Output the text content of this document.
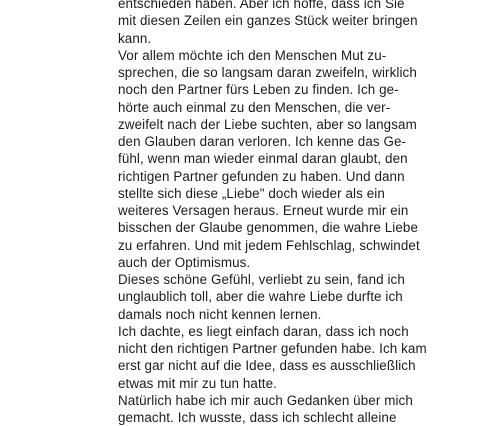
entschieden haben. Aber ich hoffe, dass ich Sie
mit diesen Zeilen ein ganzes Stück weiter bringen
kann.
Vor allem möchte ich den Menschen Mut zu-
sprechen, die so langsam daran zweifeln, wirklich
noch den Partner fürs Leben zu finden. Ich ge-
hörte auch einmal zu den Menschen, die ver-
zweifelt nach der Liebe suchten, aber so langsam
den Glauben daran verloren. Ich kenne das Ge-
fühl, wenn man wieder einmal daran glaubt, den
richtigen Partner gefunden zu haben. Und dann
stellte sich diese „Liebe" doch wieder als ein
weiteres Versagen heraus. Erneut wurde mir ein
bisschen der Glaube genommen, die wahre Liebe
zu erfahren. Und mit jedem Fehlschlag, schwindet
auch der Optimismus.
Dieses schöne Gefühl, verliebt zu sein, fand ich
unglaublich toll, aber die wahre Liebe durfte ich
damals noch nicht kennen lernen.
Ich dachte, es liegt einfach daran, dass ich noch
nicht den richtigen Partner gefunden habe. Ich kam
erst gar nicht auf die Idee, dass es ausschließlich
etwas mit mir zu tun hatte.
Natürlich habe ich mir auch Gedanken über mich
gemacht. Ich wusste, dass ich schlecht alleine
